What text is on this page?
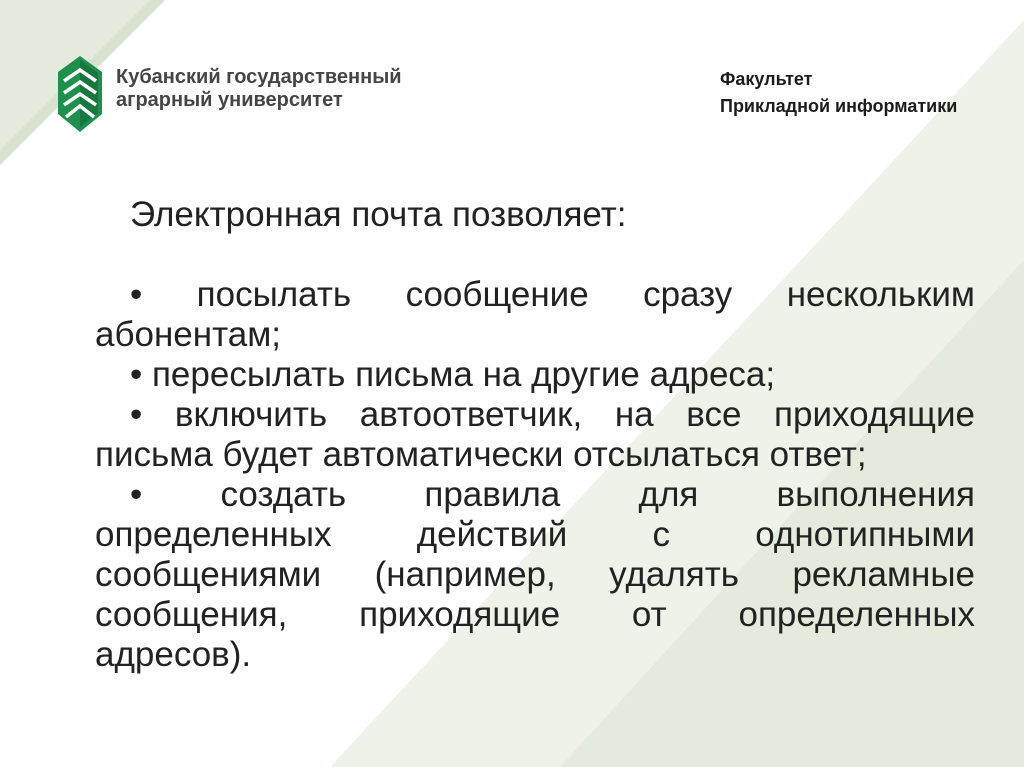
Кубанский государственный
аграрный университет
Факультет
Прикладной информатики
Электронная почта позволяет:
• посылать сообщение сразу нескольким
абонентам;
• пересылать письма на другие адреса;
• включить автоответчик, на все приходящие
письма будет автоматически отсылаться ответ;
• создать правила для выполнения
определенных действий с однотипными
сообщениями (например, удалять рекламные
сообщения, приходящие от определенных
адресов).
